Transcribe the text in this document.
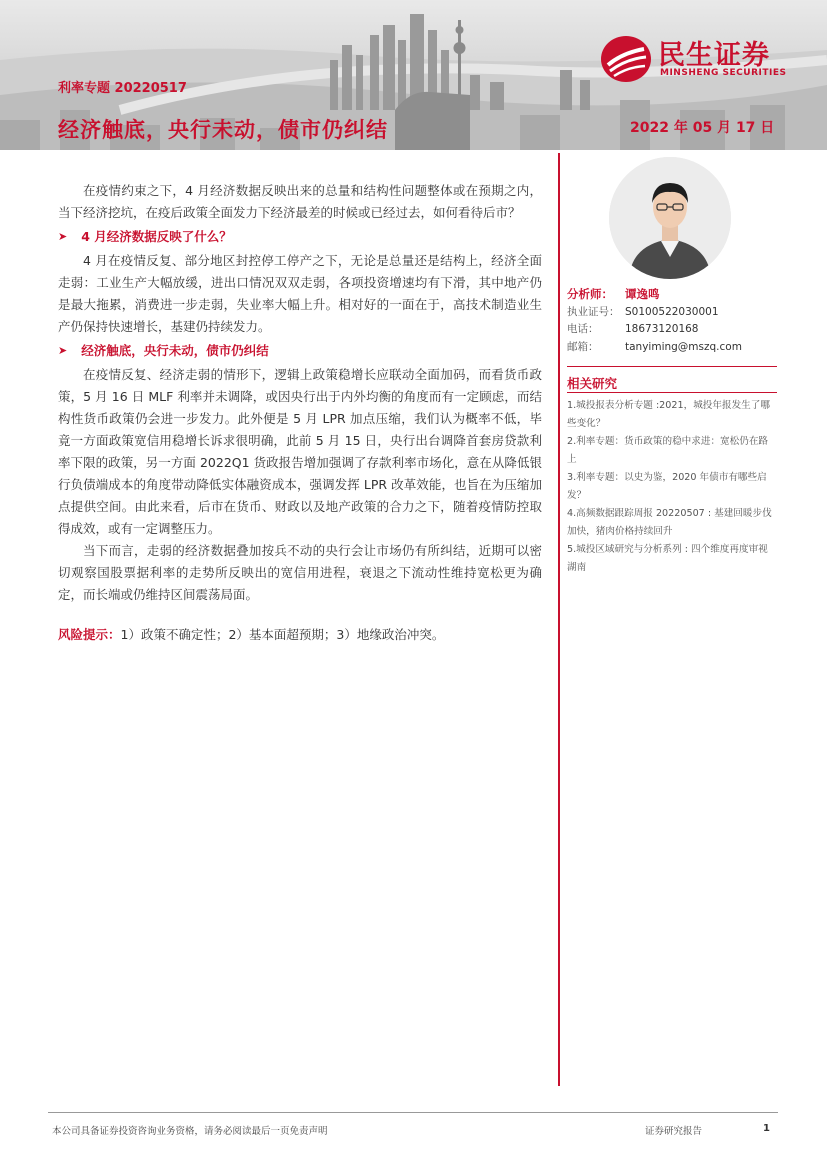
利率专题 20220517
经济触底，央行未动，债市仍纠结	2022 年 05 月 17 日
民生证券
MINSHENG SECURITIES

在疫情约束之下，4 月经济数据反映出来的总量和结构性问题整体或在预期之内，当下经济挖坑，在疫后政策全面发力下经济最差的时候或已经过去，如何看待后市？

➤ 4 月经济数据反映了什么？

4 月在疫情反复、部分地区封控停工停产之下，无论是总量还是结构上，经济全面走弱：工业生产大幅放缓，进出口情况双双走弱，各项投资增速均有下滑，其中地产仍是最大拖累，消费进一步走弱，失业率大幅上升。相对好的一面在于，高技术制造业生产仍保持快速增长，基建仍持续发力。

➤ 经济触底，央行未动，债市仍纠结

在疫情反复、经济走弱的情形下，逻辑上政策稳增长应联动全面加码，而看货币政策，5 月 16 日 MLF 利率并未调降，或因央行出于内外均衡的角度而有一定顾虑，而结构性货币政策仍会进一步发力。此外便是 5 月 LPR 加点压缩，我们认为概率不低，毕竟一方面政策宽信用稳增长诉求很明确，此前 5 月 15 日，央行出台调降首套房贷款利率下限的政策，另一方面 2022Q1 货政报告增加强调了存款利率市场化，意在从降低银行负债端成本的角度带动降低实体融资成本，强调发挥 LPR 改革效能，也旨在为压缩加点提供空间。由此来看，后市在货币、财政以及地产政策的合力之下，随着疫情防控取得成效，或有一定调整压力。

当下而言，走弱的经济数据叠加按兵不动的央行会让市场仍有所纠结，近期可以密切观察国股票据利率的走势所反映出的宽信用进程，衰退之下流动性维持宽松更为确定，而长端或仍维持区间震荡局面。

风险提示：1）政策不确定性；2）基本面超预期；3）地缘政治冲突。

分析师：	谭逸鸣
执业证号： S0100522030001
电话：	18673120168
邮箱：	tanyiming@mszq.com
相关研究
1.城投报表分析专题 :2021，城投年报发生了哪些变化？
2.利率专题：货币政策的稳中求进：宽松仍在路上
3.利率专题：以史为鉴，2020 年债市有哪些启发？
4.高频数据跟踪周报 20220507 : 基建回暖步伐加快，猪肉价格持续回升
5.城投区域研究与分析系列 : 四个维度再度审视湖南
本公司具备证券投资咨询业务资格，请务必阅读最后一页免责声明	证券研究报告	1
